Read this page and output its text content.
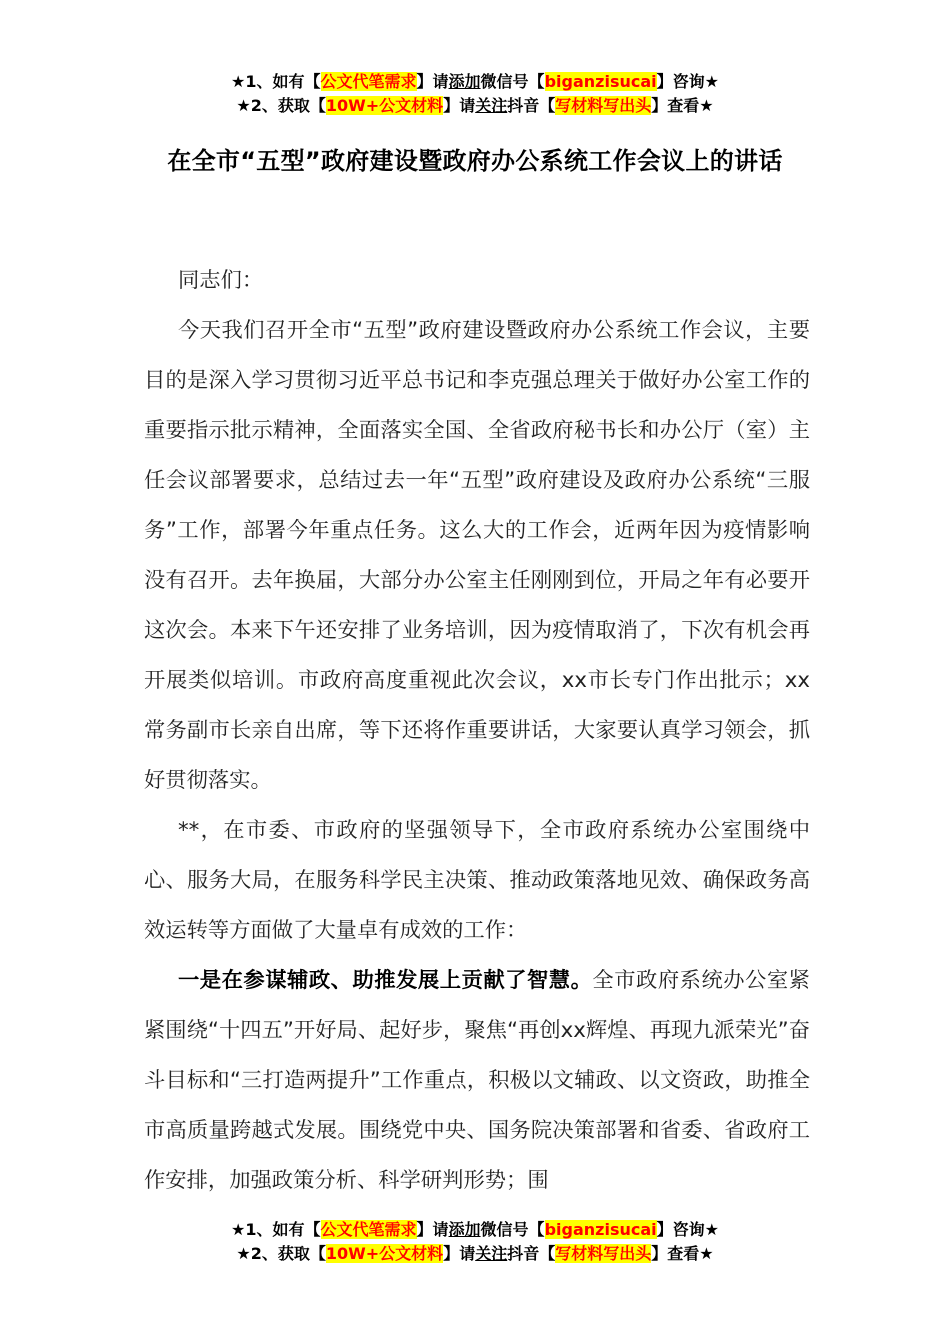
★1、如有【公文代笔需求】请添加微信号【biganzisucai】咨询★
★2、获取【10W+公文材料】请关注抖音【写材料写出头】查看★
在全市“五型”政府建设暨政府办公系统工作会议上的讲话

同志们：

今天我们召开全市“五型”政府建设暨政府办公系统工作会议，主要目的是深入学习贯彻习近平总书记和李克强总理关于做好办公室工作的重要指示批示精神，全面落实全国、全省政府秘书长和办公厅（室）主任会议部署要求，总结过去一年“五型”政府建设及政府办公系统“三服务”工作，部署今年重点任务。这么大的工作会，近两年因为疫情影响没有召开。去年换届，大部分办公室主任刚刚到位，开局之年有必要开这次会。本来下午还安排了业务培训，因为疫情取消了，下次有机会再开展类似培训。市政府高度重视此次会议，xx市长专门作出批示；xx常务副市长亲自出席，等下还将作重要讲话，大家要认真学习领会，抓好贯彻落实。

**，在市委、市政府的坚强领导下，全市政府系统办公室围绕中心、服务大局，在服务科学民主决策、推动政策落地见效、确保政务高效运转等方面做了大量卓有成效的工作：

一是在参谋辅政、助推发展上贡献了智慧。全市政府系统办公室紧紧围绕“十四五”开好局、起好步，聚焦“再创xx辉煌、再现九派荣光”奋斗目标和“三打造两提升”工作重点，积极以文辅政、以文资政，助推全市高质量跨越式发展。围绕党中央、国务院决策部署和省委、省政府工作安排，加强政策分析、科学研判形势；围

★1、如有【公文代笔需求】请添加微信号【biganzisucai】咨询★
★2、获取【10W+公文材料】请关注抖音【写材料写出头】查看★
